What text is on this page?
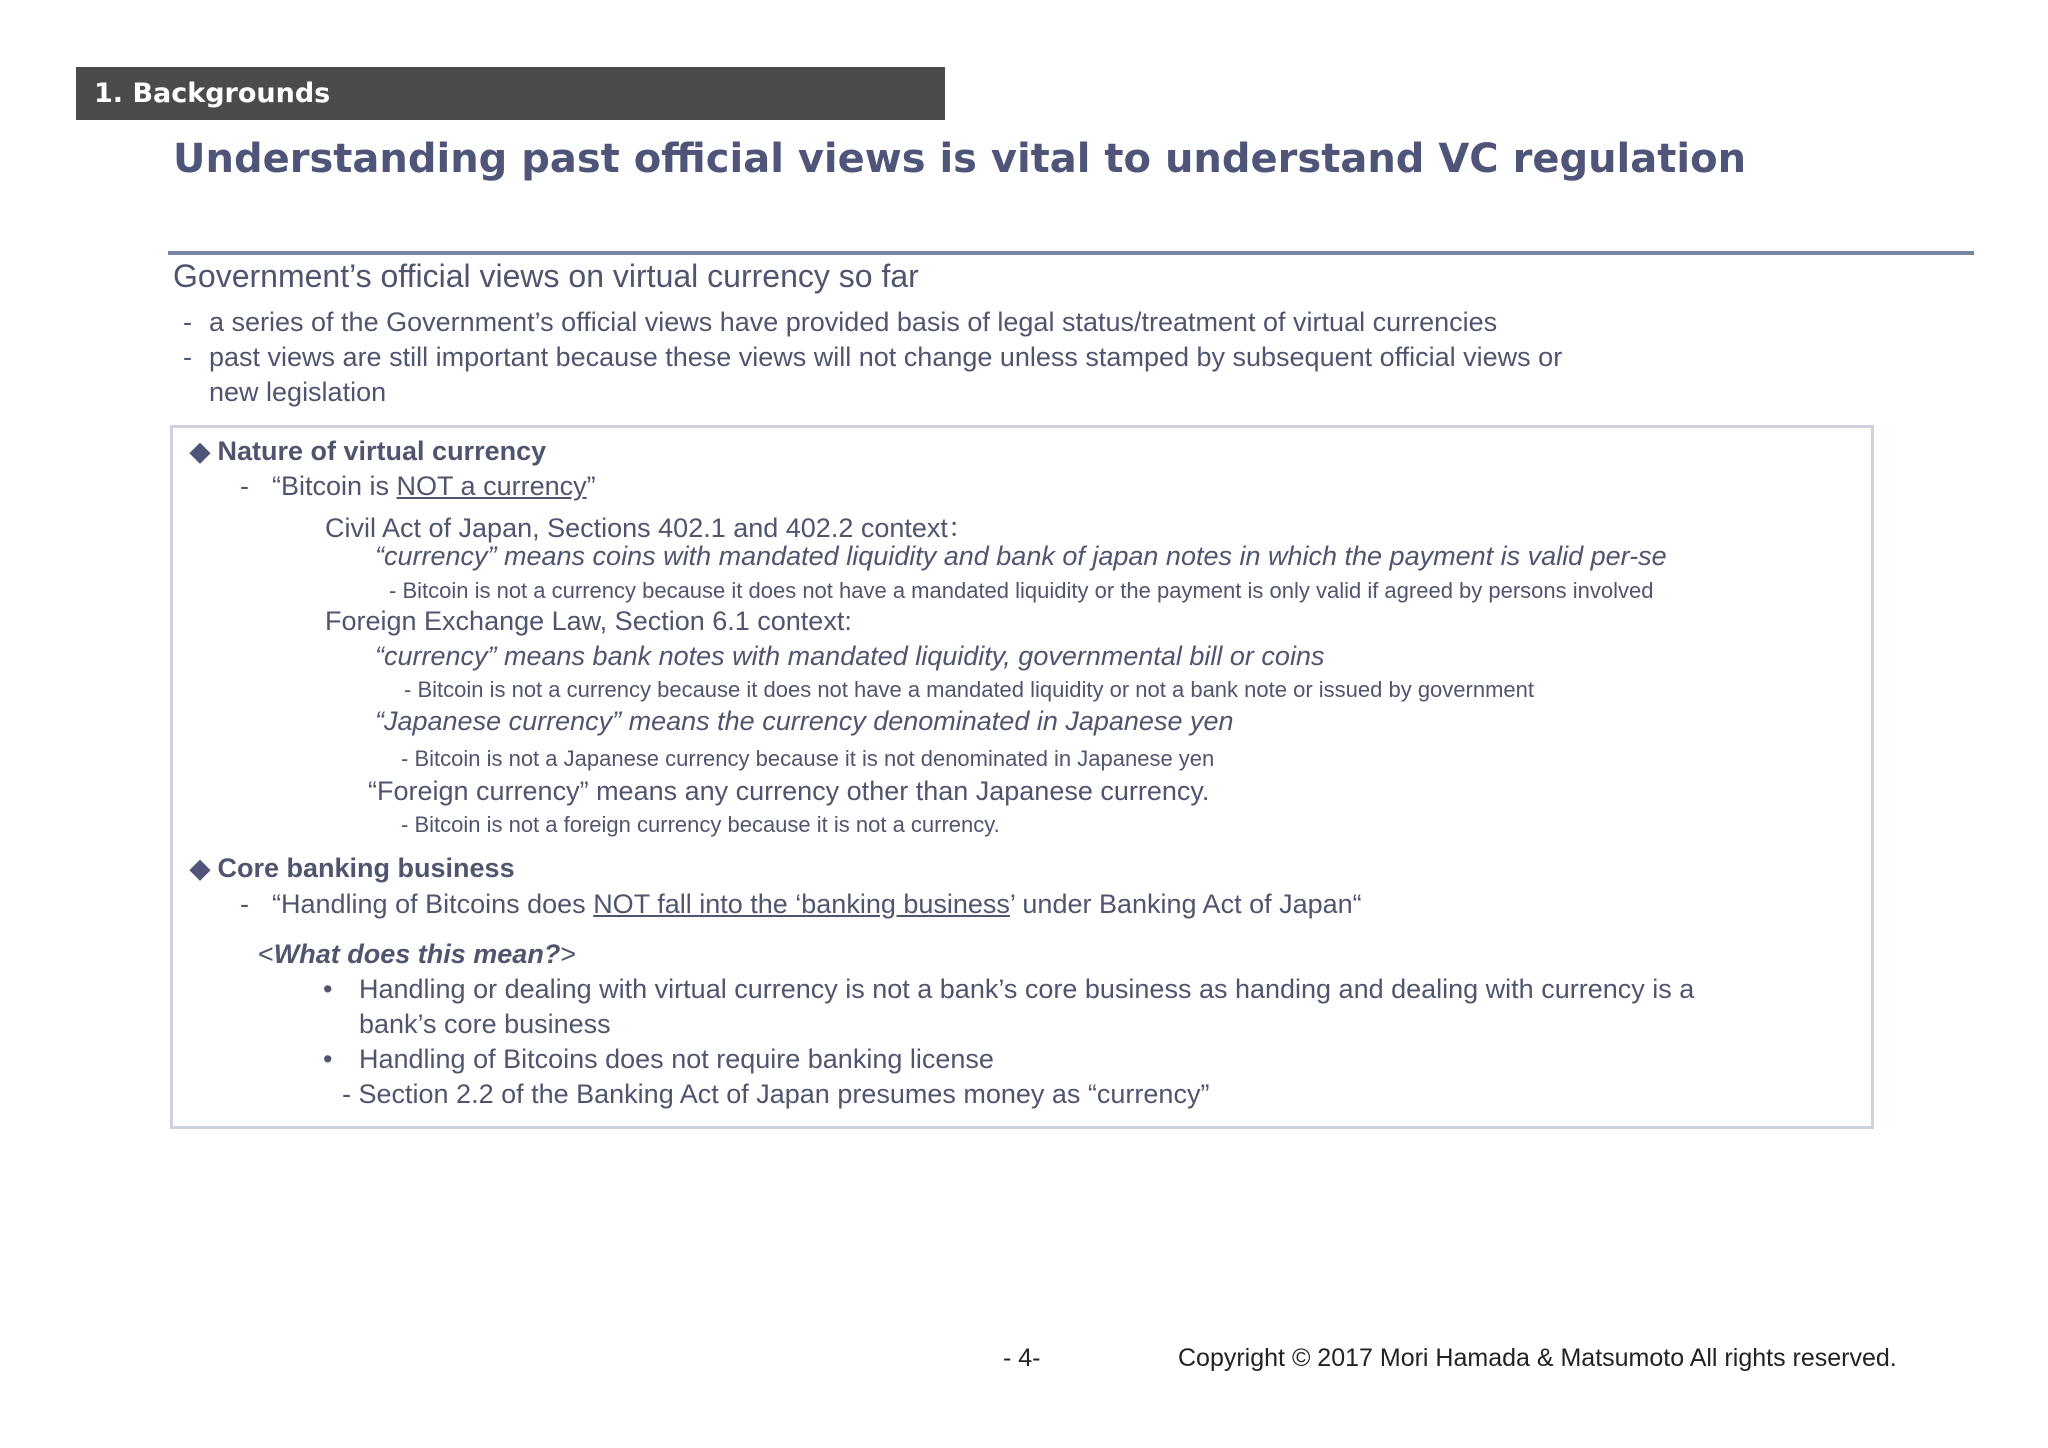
1. Backgrounds
Understanding past official views is vital to understand VC regulation
Government’s official views on virtual currency so far
- a series of the Government’s official views have provided basis of legal status/treatment of virtual currencies
- past views are still important because these views will not change unless stamped by subsequent official views or
new legislation
◆ Nature of virtual currency
- “Bitcoin is NOT a currency”
Civil Act of Japan, Sections 402.1 and 402.2 context：
“currency” means coins with mandated liquidity and bank of japan notes in which the payment is valid per-se
- Bitcoin is not a currency because it does not have a mandated liquidity or the payment is only valid if agreed by persons involved
Foreign Exchange Law, Section 6.1 context:
“currency” means bank notes with mandated liquidity, governmental bill or coins
- Bitcoin is not a currency because it does not have a mandated liquidity or not a bank note or issued by government
“Japanese currency” means the currency denominated in Japanese yen
- Bitcoin is not a Japanese currency because it is not denominated in Japanese yen
“Foreign currency” means any currency other than Japanese currency.
- Bitcoin is not a foreign currency because it is not a currency.
◆ Core banking business
- “Handling of Bitcoins does NOT fall into the ‘banking business’ under Banking Act of Japan“
<What does this mean?>
• Handling or dealing with virtual currency is not a bank’s core business as handing and dealing with currency is a
bank’s core business
• Handling of Bitcoins does not require banking license
- Section 2.2 of the Banking Act of Japan presumes money as “currency”
- 4-	Copyright © 2017 Mori Hamada & Matsumoto All rights reserved.
